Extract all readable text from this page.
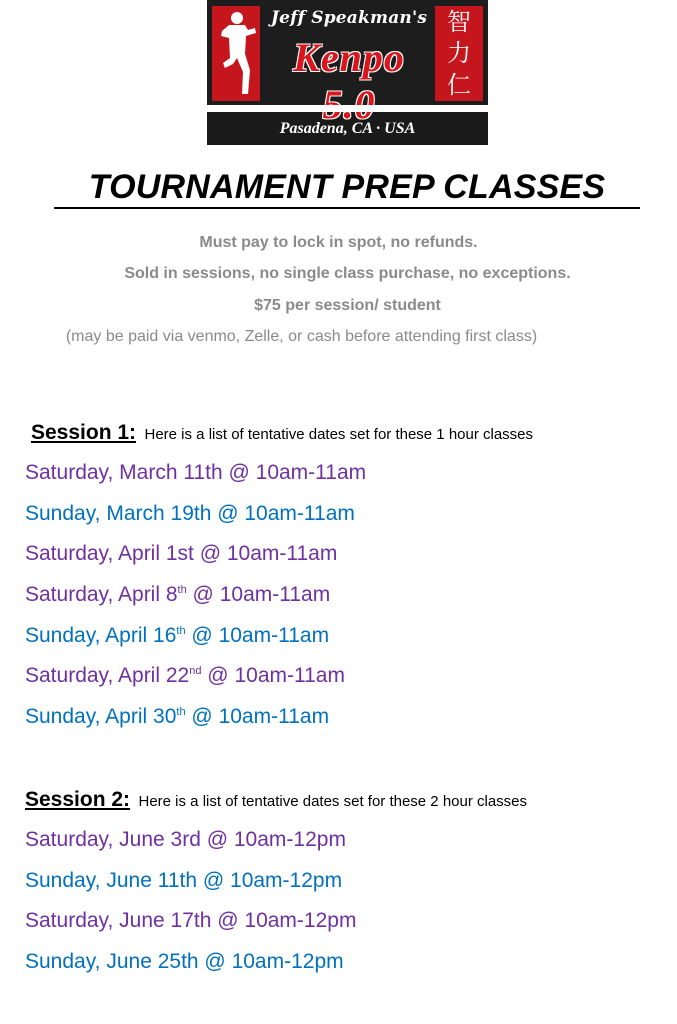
智
力
仁
Jeff Speakman's
Kenpo
Pasadena, CA · USA
TOURNAMENT PREP CLASSES
Must pay to lock in spot, no refunds.
Sold in sessions, no single class purchase, no exceptions.
$75 per session/ student
(may be paid via venmo, Zelle, or cash before attending first class)
Session 1: Here is a list of tentative dates set for these 1 hour classes
Saturday, March 11th @ 10am-11am
Sunday, March 19th @ 10am-11am
Saturday, April 1st @ 10am-11am
Saturday, April 8th @ 10am-11am
Sunday, April 16th @ 10am-11am
Saturday, April 22nd @ 10am-11am
Sunday, April 30th @ 10am-11am
Session 2: Here is a list of tentative dates set for these 2 hour classes
Saturday, June 3rd @ 10am-12pm
Sunday, June 11th @ 10am-12pm
Saturday, June 17th @ 10am-12pm
Sunday, June 25th @ 10am-12pm
